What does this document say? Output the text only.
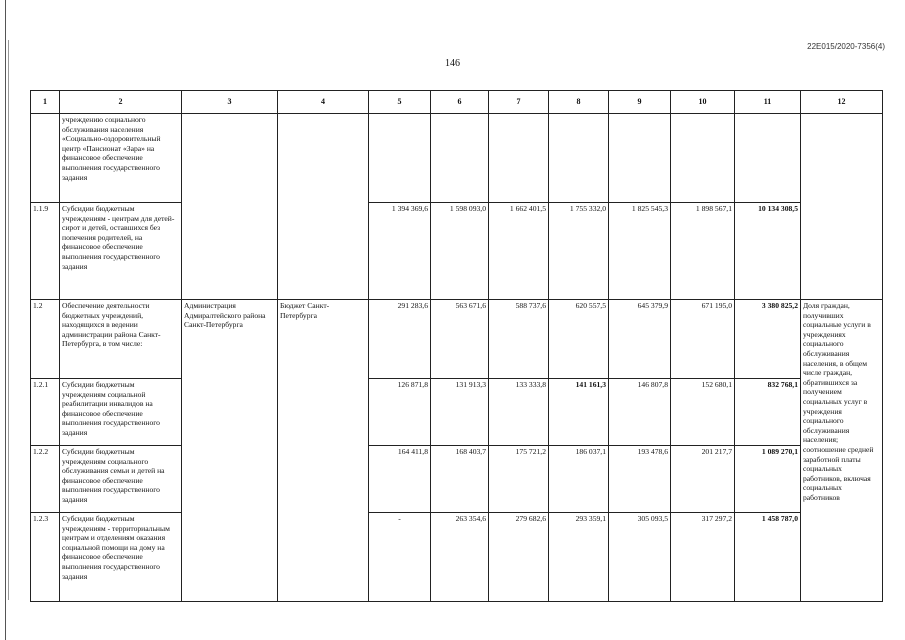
22E015/2020-7356(4)
146
1	2	3	4	5	6	7	8	9	10	11	12
	учреждению социального обслуживания населения «Социально-оздоровительный центр «Пансионат «Зара» на финансовое обеспечение выполнения государственного задания										
1.1.9	Субсидии бюджетным учреждениям - центрам для детей-сирот и детей, оставшихся без попечения родителей, на финансовое обеспечение выполнения государственного задания			1 394 369,6	1 598 093,0	1 662 401,5	1 755 332,0	1 825 545,3	1 898 567,1	10 134 308,5	
1.2	Обеспечение деятельности бюджетных учреждений, находящихся в ведении администрации района Санкт-Петербурга, в том числе:	Администрация Адмиралтейского района Санкт-Петербурга	Бюджет Санкт-Петербурга	291 283,6	563 671,6	588 737,6	620 557,5	645 379,9	671 195,0	3 380 825,2	Доля граждан, получивших социальные услуги в учреждениях социального обслуживания населения, в общем числе граждан, обратившихся за получением социальных услуг в учреждения социального обслуживания населения; соотношение средней заработной платы социальных работников, включая социальных работников
1.2.1	Субсидии бюджетным учреждениям социальной реабилитации инвалидов на финансовое обеспечение выполнения государственного задания			126 871,8	131 913,3	133 333,8	141 161,3	146 807,8	152 680,1	832 768,1	
1.2.2	Субсидии бюджетным учреждениям социального обслуживания семьи и детей на финансовое обеспечение выполнения государственного задания			164 411,8	168 403,7	175 721,2	186 037,1	193 478,6	201 217,7	1 089 270,1	
1.2.3	Субсидии бюджетным учреждениям - территориальным центрам и отделениям оказания социальной помощи на дому на финансовое обеспечение выполнения государственного задания			-	263 354,6	279 682,6	293 359,1	305 093,5	317 297,2	1 458 787,0	
